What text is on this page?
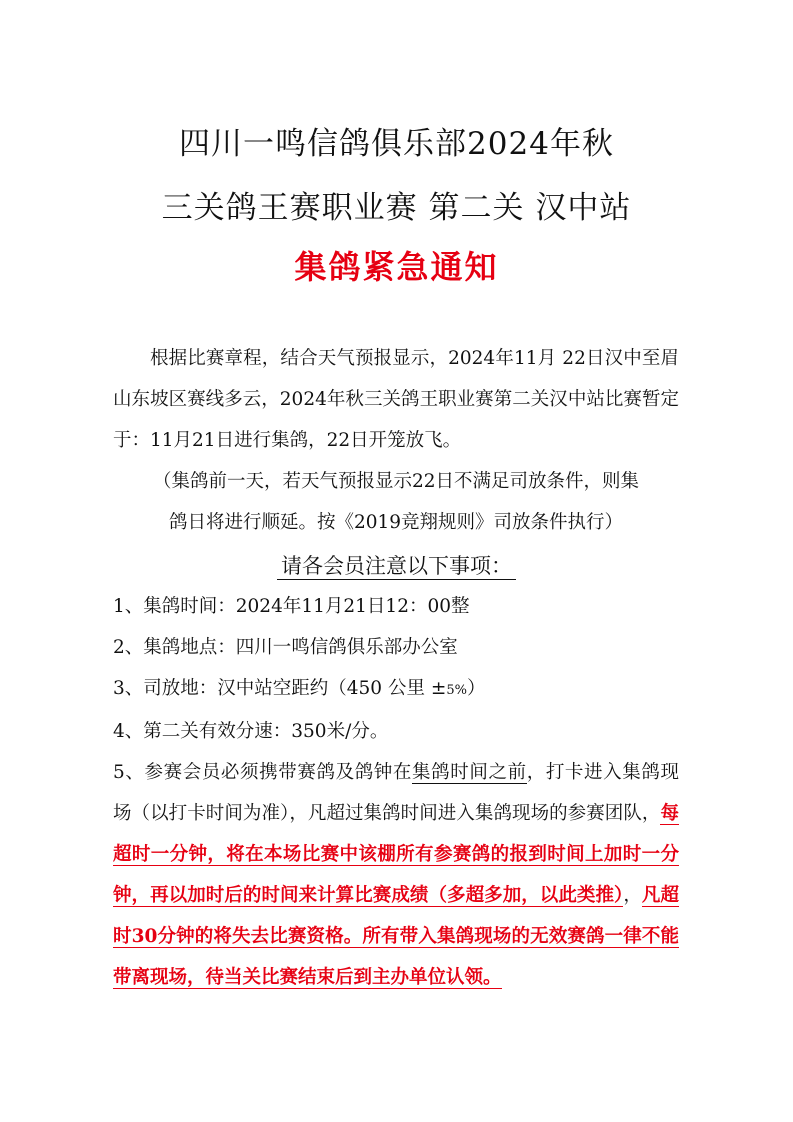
四川一鸣信鸽俱乐部2024年秋
三关鸽王赛职业赛 第二关 汉中站
集鸽紧急通知

根据比赛章程，结合天气预报显示，2024年11月 22日汉中至眉山东坡区赛线多云，2024年秋三关鸽王职业赛第二关汉中站比赛暂定于：11月21日进行集鸽，22日开笼放飞。

（集鸽前一天，若天气预报显示22日不满足司放条件，则集

鸽日将进行顺延。按《2019竞翔规则》司放条件执行）

请各会员注意以下事项：

1、集鸽时间：2024年11月21日12：00整

2、集鸽地点：四川一鸣信鸽俱乐部办公室

3、司放地：汉中站空距约（450 公里 ±5%）

4、第二关有效分速：350米/分。

5、参赛会员必须携带赛鸽及鸽钟在集鸽时间之前，打卡进入集鸽现场（以打卡时间为准），凡超过集鸽时间进入集鸽现场的参赛团队，每超时一分钟，将在本场比赛中该棚所有参赛鸽的报到时间上加时一分钟，再以加时后的时间来计算比赛成绩（多超多加，以此类推），凡超时30分钟的将失去比赛资格。所有带入集鸽现场的无效赛鸽一律不能带离现场，待当关比赛结束后到主办单位认领。
